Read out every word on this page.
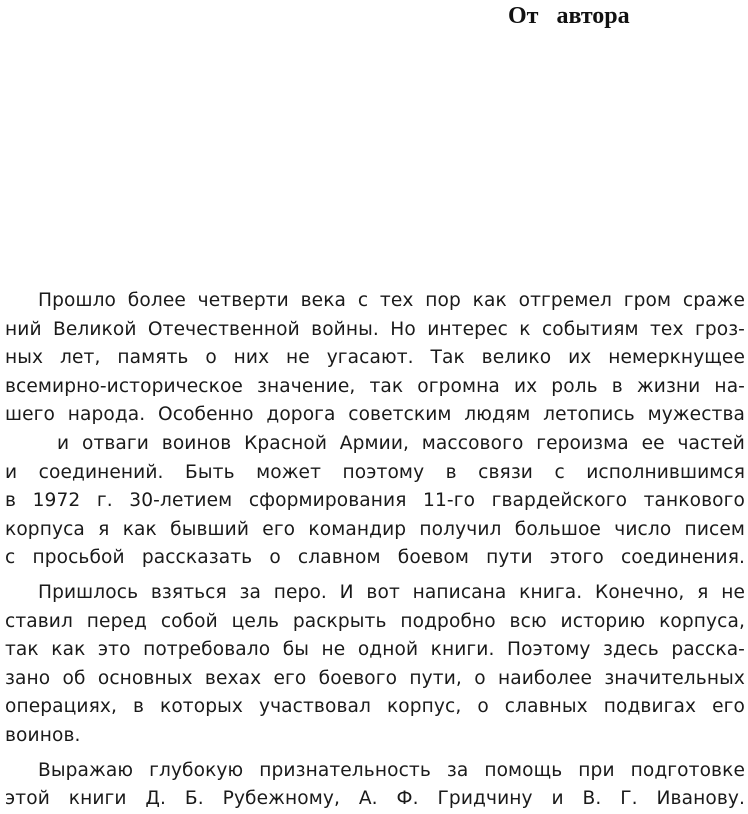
От   автора
Прошло более четверти века с тех пор как отгремел гром сраже
ний Великой Отечественной войны. Но интерес к событиям тех гроз-
ных лет, память о них не угасают. Так велико их немеркнущее
всемирно-историческое значение, так огромна их роль в жизни на-
шего народа. Особенно дорога советским людям летопись мужества
и отваги воинов Красной Армии, массового героизма ее частей
и соединений. Быть может поэтому в связи с исполнившимся
в 1972 г. 30-летием сформирования 11-го гвардейского танкового
корпуса я как бывший его командир получил большое число писем
с просьбой рассказать о славном боевом пути этого соединения.
Пришлось взяться за перо. И вот написана книга. Конечно, я не
ставил перед собой цель раскрыть подробно всю историю корпуса,
так как это потребовало бы не одной книги. Поэтому здесь расска-
зано об основных вехах его боевого пути, о наиболее значительных
операциях, в которых участвовал корпус, о славных подвигах его
воинов.
Выражаю глубокую признательность за помощь при подготовке
этой книги Д. Б. Рубежному, А. Ф. Гридчину и В. Г. Иванову.
